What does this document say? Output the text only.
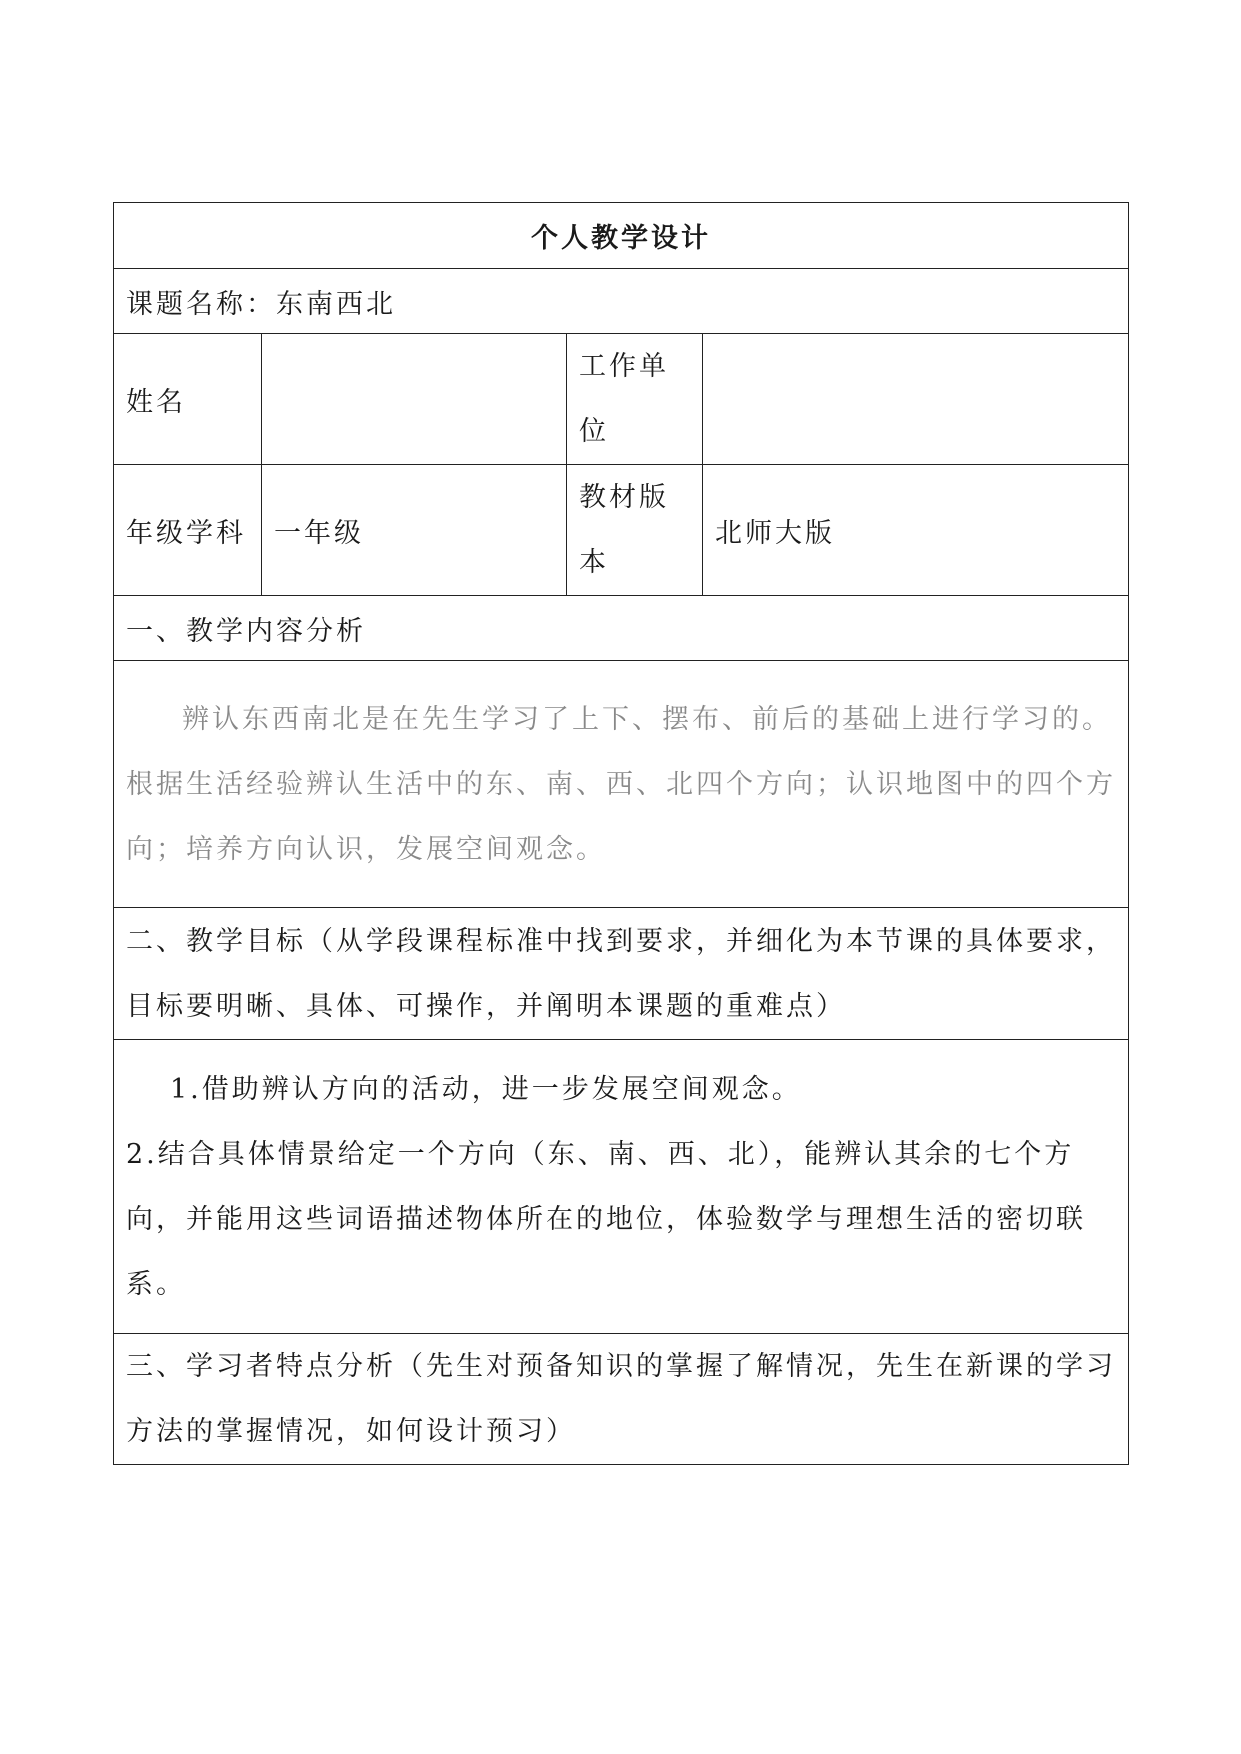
个人教学设计			
课题名称：东南西北			
姓名		工作单位	
年级学科	一年级	教材版本	北师大版
一、教学内容分析			
辨认东西南北是在先生学习了上下、摆布、前后的基础上进行学习的。根据生活经验辨认生活中的东、南、西、北四个方向；认识地图中的四个方向；培养方向认识，发展空间观念。			
二、教学目标（从学段课程标准中找到要求，并细化为本节课的具体要求，目标要明晰、具体、可操作，并阐明本课题的重难点）			

1.借助辨认方向的活动，进一步发展空间观念。
2.结合具体情景给定一个方向（东、南、西、北），能辨认其余的七个方向，并能用这些词语描述物体所在的地位，体验数学与理想生活的密切联系。			

三、学习者特点分析（先生对预备知识的掌握了解情况，先生在新课的学习方法的掌握情况，如何设计预习）			
